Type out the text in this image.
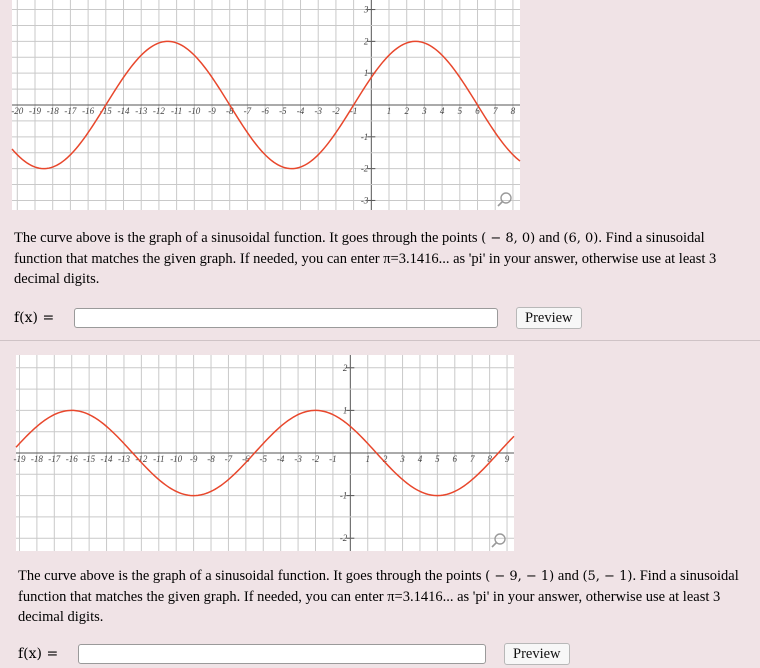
-20 -19 -18 -17 -16 -15 -14 -13 -12 -11 -10 -9 -8 -7 -6 -5 -4 -3 -2 -1	1 2 3 4 5 6 7 8
3
2
1
-1
-2
-3

The curve above is the graph of a sinusoidal function. It goes through the points ( − 8, 0) and (6, 0). Find a sinusoidal function that matches the given graph. If needed, you can enter π=3.1416... as 'pi' in your answer, otherwise use at least 3 decimal digits.

f(x) =	Preview
-19 -18 -17 -16 -15 -14 -13 -12 -11 -10 -9 -8 -7 -6 -5 -4 -3 -2 -1	1 2 3 4 5 6 7 8 9
2
1
-1
-2

The curve above is the graph of a sinusoidal function. It goes through the points ( − 9, − 1) and (5, − 1). Find a sinusoidal function that matches the given graph. If needed, you can enter π=3.1416... as 'pi' in your answer, otherwise use at least 3 decimal digits.

f(x) =	Preview
